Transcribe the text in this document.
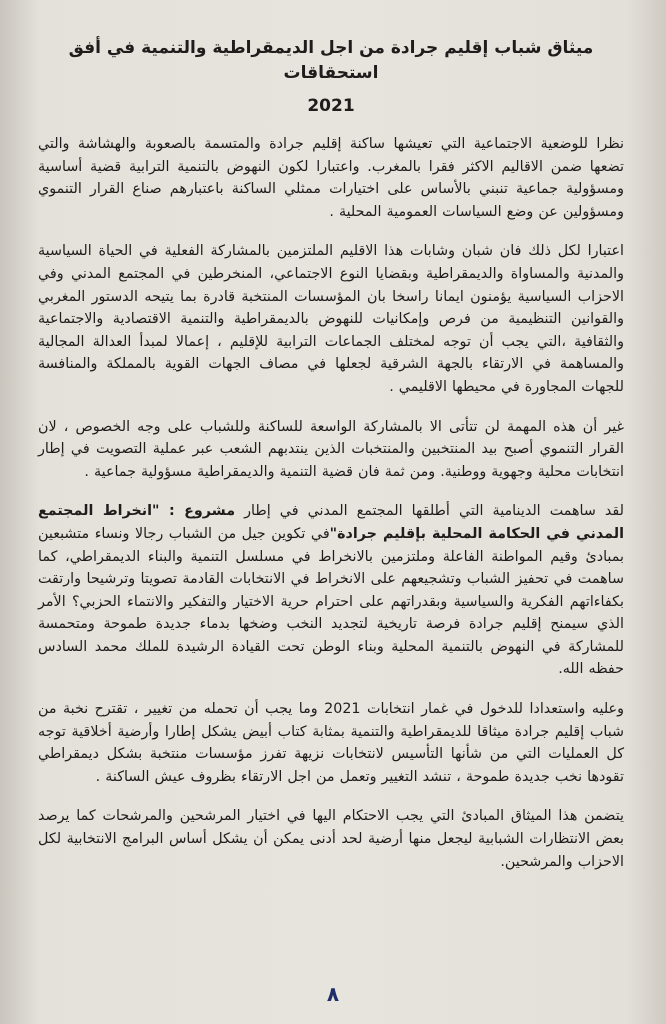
ميثاق شباب إقليم جرادة من اجل الديمقراطية والتنمية في أفق استحقاقات
2021

نظرا للوضعية الاجتماعية التي تعيشها ساكنة إقليم جرادة والمتسمة بالصعوبة والهشاشة والتي تضعها ضمن الاقاليم الاكثر فقرا بالمغرب. واعتبارا لكون النهوض بالتنمية الترابية قضية أساسية ومسؤولية جماعية تنبني بالأساس على اختيارات ممثلي الساكنة باعتبارهم صناع القرار التنموي ومسؤولين عن وضع السياسات العمومية المحلية .

اعتبارا لكل ذلك فان شبان وشابات هذا الاقليم الملتزمين بالمشاركة الفعلية في الحياة السياسية والمدنية والمساواة والديمقراطية وبقضايا النوع الاجتماعي، المنخرطين في المجتمع المدني وفي الاحزاب السياسية يؤمنون ايمانا راسخا بان المؤسسات المنتخبة قادرة بما يتيحه الدستور المغربي والقوانين التنظيمية من فرص وإمكانيات للنهوض بالديمقراطية والتنمية الاقتصادية والاجتماعية والثقافية ،التي يجب أن توجه لمختلف الجماعات الترابية للإقليم ، إعمالا لمبدأ العدالة المجالية والمساهمة في الارتقاء بالجهة الشرقية لجعلها في مصاف الجهات القوية بالمملكة والمنافسة للجهات المجاورة في محيطها الاقليمي .

غير أن هذه المهمة لن تتأتى الا بالمشاركة الواسعة للساكنة وللشباب على وجه الخصوص ، لان القرار التنموي أصبح بيد المنتخبين والمنتخبات الذين ينتدبهم الشعب عبر عملية التصويت في إطار انتخابات محلية وجهوية ووطنية. ومن ثمة فان قضية التنمية والديمقراطية مسؤولية جماعية .

لقد ساهمت الدينامية التي أطلقها المجتمع المدني في إطار مشروع : "انخراط المجتمع المدني في الحكامة المحلية بإقليم جرادة"في تكوين جيل من الشباب رجالا ونساء متشبعين بمبادئ وقيم المواطنة الفاعلة وملتزمين بالانخراط في مسلسل التنمية والبناء الديمقراطي، كما ساهمت في تحفيز الشباب وتشجيعهم على الانخراط في الانتخابات القادمة تصويتا وترشيحا وارتقت بكفاءاتهم الفكرية والسياسية وبقدراتهم على احترام حرية الاختيار والتفكير والانتماء الحزبي؟ الأمر الذي سيمنح إقليم جرادة فرصة تاريخية لتجديد النخب وضخها بدماء جديدة طموحة ومتحمسة للمشاركة في النهوض بالتنمية المحلية وبناء الوطن تحت القيادة الرشيدة للملك محمد السادس حفظه الله.

وعليه واستعدادا للدخول في غمار انتخابات 2021 وما يجب أن تحمله من تغيير ، تقترح نخبة من شباب إقليم جرادة ميثاقا للديمقراطية والتنمية بمثابة كتاب أبيض يشكل إطارا وأرضية أخلاقية توجه كل العمليات التي من شأنها التأسيس لانتخابات نزيهة تفرز مؤسسات منتخبة بشكل ديمقراطي تقودها نخب جديدة طموحة ، تنشد التغيير وتعمل من اجل الارتقاء بظروف عيش الساكنة .

يتضمن هذا الميثاق المبادئ التي يجب الاحتكام اليها في اختيار المرشحين والمرشحات كما يرصد بعض الانتظارات الشبابية ليجعل منها أرضية لحد أدنى يمكن أن يشكل أساس البرامج الانتخابية لكل الاحزاب والمرشحين.

٨
